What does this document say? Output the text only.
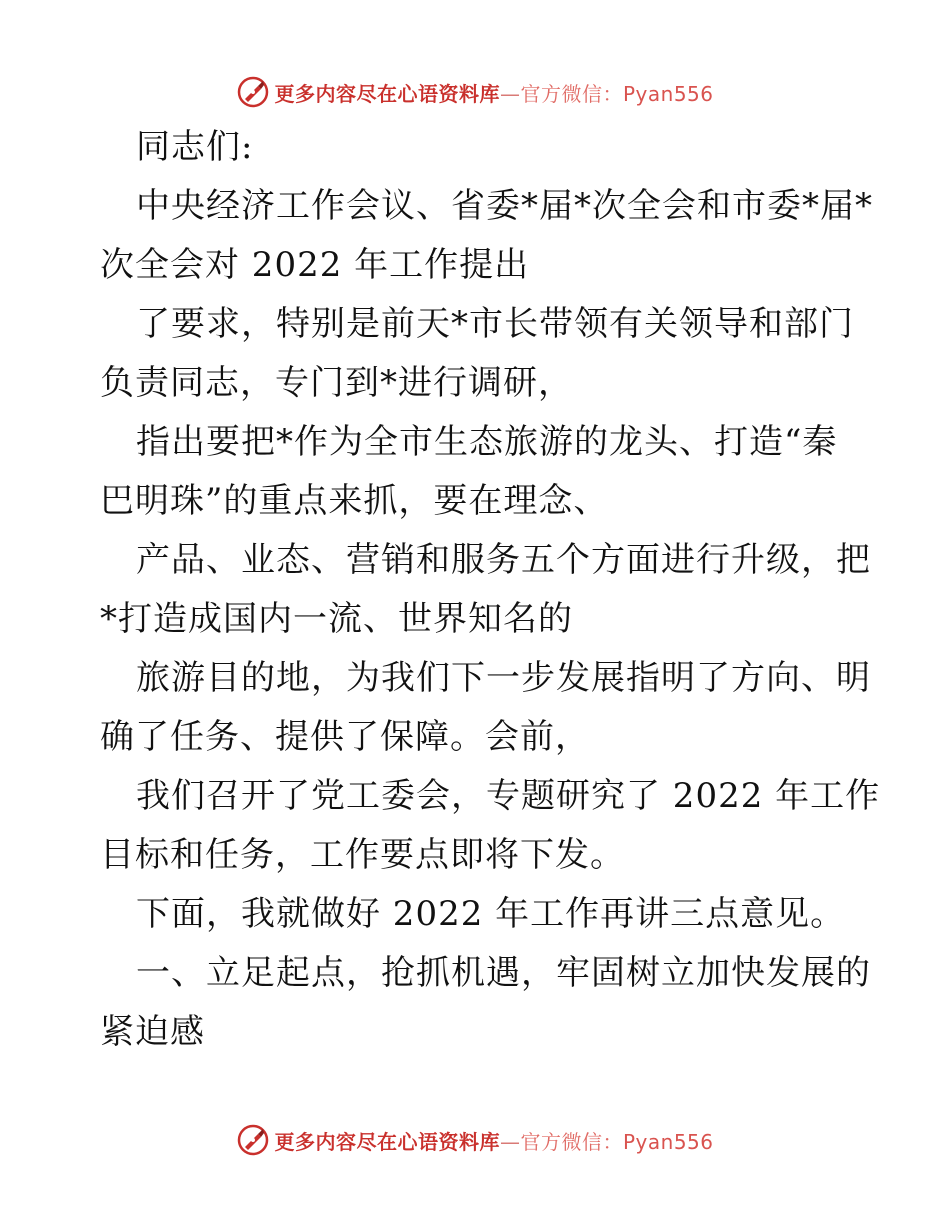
更多内容尽在心语资料库—官方微信：Pyan556

同志们:

中央经济工作会议、省委*届*次全会和市委*届*
次全会对 2022 年工作提出

了要求，特别是前天*市长带领有关领导和部门
负责同志，专门到*进行调研，

指出要把*作为全市生态旅游的龙头、打造“秦
巴明珠”的重点来抓，要在理念、

产品、业态、营销和服务五个方面进行升级，把
*打造成国内一流、世界知名的

旅游目的地，为我们下一步发展指明了方向、明
确了任务、提供了保障。会前，

我们召开了党工委会，专题研究了 2022 年工作
目标和任务，工作要点即将下发。

下面，我就做好 2022 年工作再讲三点意见。

一、立足起点，抢抓机遇，牢固树立加快发展的
紧迫感

更多内容尽在心语资料库—官方微信：Pyan556
